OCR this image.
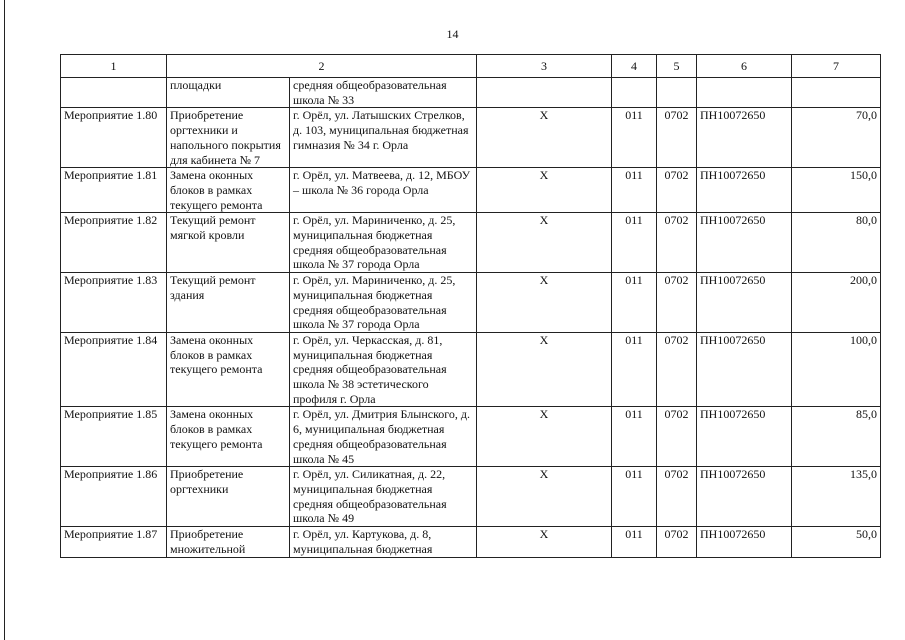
14
1	2		3	4	5	6	7
	площадки	средняя общеобразовательная школа № 33					
Мероприятие 1.80	Приобретение оргтехники и напольного покрытия для кабинета № 7	г. Орёл, ул. Латышских Стрелков, д. 103, муниципальная бюджетная гимназия № 34 г. Орла	Х	011	0702	ПН10072650	70,0
Мероприятие 1.81	Замена оконных блоков в рамках текущего ремонта	г. Орёл, ул. Матвеева, д. 12, МБОУ – школа № 36 города Орла	Х	011	0702	ПН10072650	150,0
Мероприятие 1.82	Текущий ремонт мягкой кровли	г. Орёл, ул. Мариниченко, д. 25, муниципальная бюджетная средняя общеобразовательная школа № 37 города Орла	Х	011	0702	ПН10072650	80,0
Мероприятие 1.83	Текущий ремонт здания	г. Орёл, ул. Мариниченко, д. 25, муниципальная бюджетная средняя общеобразовательная школа № 37 города Орла	Х	011	0702	ПН10072650	200,0
Мероприятие 1.84	Замена оконных блоков в рамках текущего ремонта	г. Орёл, ул. Черкасская, д. 81, муниципальная бюджетная средняя общеобразовательная школа № 38 эстетического профиля г. Орла	Х	011	0702	ПН10072650	100,0
Мероприятие 1.85	Замена оконных блоков в рамках текущего ремонта	г. Орёл, ул. Дмитрия Блынского, д. 6, муниципальная бюджетная средняя общеобразовательная школа № 45	Х	011	0702	ПН10072650	85,0
Мероприятие 1.86	Приобретение оргтехники	г. Орёл, ул. Силикатная, д. 22, муниципальная бюджетная средняя общеобразовательная школа № 49	Х	011	0702	ПН10072650	135,0
Мероприятие 1.87	Приобретение множительной	г. Орёл, ул. Картукова, д. 8, муниципальная бюджетная	Х	011	0702	ПН10072650	50,0
